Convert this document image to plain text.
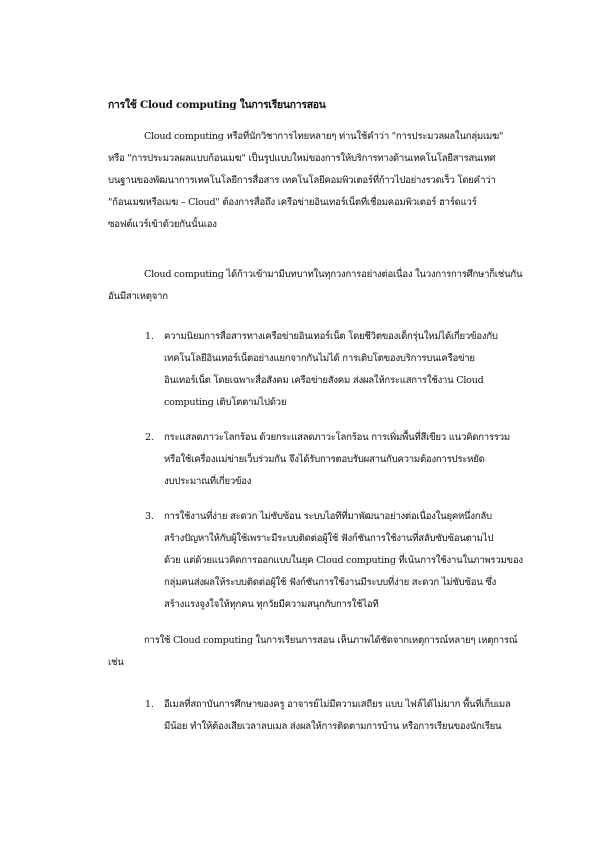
การใช้ Cloud computing ในการเรียนการสอน
Cloud computing หรือที่นักวิชาการไทยหลายๆ ท่านใช้คำว่า "การประมวลผลในกลุ่มเมฆ"
หรือ "การประมวลผลแบบก้อนเมฆ" เป็นรูปแบบใหม่ของการให้บริการทางด้านเทคโนโลยีสารสนเทศ
บนฐานของพัฒนาการเทคโนโลยีการสื่อสาร เทคโนโลยีคอมพิวเตอร์ที่ก้าวไปอย่างรวดเร็ว โดยคำว่า
"ก้อนเมฆหรือเมฆ – Cloud" ต้องการสื่อถึง เครือข่ายอินเทอร์เน็ตที่เชื่อมคอมพิวเตอร์ ฮาร์ดแวร์
ซอฟต์แวร์เข้าด้วยกันนั้นเอง
Cloud computing ได้ก้าวเข้ามามีบทบาทในทุกวงการอย่างต่อเนื่อง ในวงการการศึกษาก็เช่นกัน
อันมีสาเหตุจาก
1. ความนิยมการสื่อสารทางเครือข่ายอินเทอร์เน็ต โดยชีวิตของเด็กรุ่นใหม่ได้เกี่ยวข้องกับ
เทคโนโลยีอินเทอร์เน็ตอย่างแยกจากกันไม่ได้ การเติบโตของบริการบนเครือข่าย
อินเทอร์เน็ต โดยเฉพาะสื่อสังคม เครือข่ายสังคม ส่งผลให้กระแสการใช้งาน Cloud
computing เติบโตตามไปด้วย
2. กระแสลดภาวะโลกร้อน ด้วยกระแสลดภาวะโลกร้อน การเพิ่มพื้นที่สีเขียว แนวคิดการรวม
หรือใช้เครื่องแม่ข่ายเว็บร่วมกัน จึงได้รับการตอบรับผสานกับความต้องการประหยัด
งบประมาณที่เกี่ยวข้อง
3. การใช้งานที่ง่าย สะดวก ไม่ซับซ้อน ระบบไอทีที่มาพัฒนาอย่างต่อเนื่องในยุคหนึ่งกลับ
สร้างปัญหาให้กับผู้ใช้เพราะมีระบบติดต่อผู้ใช้ ฟังก์ชันการใช้งานที่สลับซับซ้อนตามไป
ด้วย แต่ด้วยแนวคิดการออกแบบในยุค Cloud computing ที่เน้นการใช้งานในภาพรวมของ
กลุ่มคนส่งผลให้ระบบติดต่อผู้ใช้ ฟังก์ชันการใช้งานมีระบบที่ง่าย สะดวก ไม่ซับซ้อน ซึ่ง
สร้างแรงจูงใจให้ทุกคน ทุกวัยมีความสนุกกับการใช้ไอที
การใช้ Cloud computing ในการเรียนการสอน เห็นภาพได้ชัดจากเหตุการณ์หลายๆ เหตุการณ์
เช่น
1. อีเมลที่สถาบันการศึกษาของครู อาจารย์ไม่มีความเสถียร แบบ ไฟล์ได้ไม่มาก พื้นที่เก็บเมล
มีน้อย ทำให้ต้องเสียเวลาลบเมล ส่งผลให้การติดตามการบ้าน หรือการเรียนของนักเรียน
